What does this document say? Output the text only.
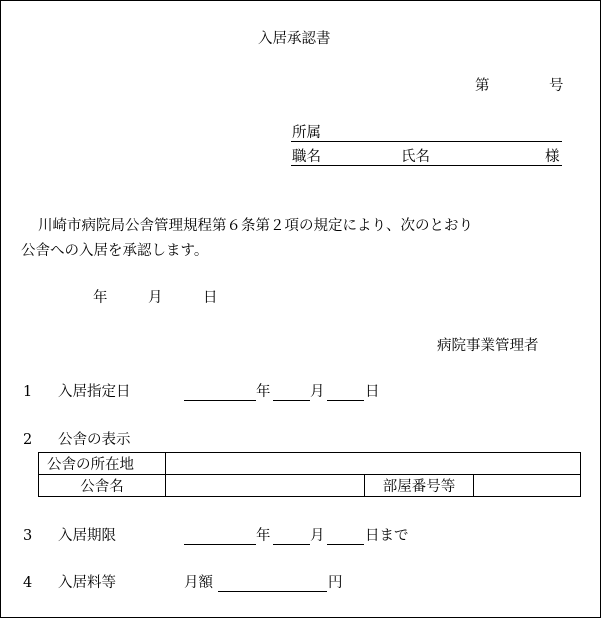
入居承認書
第	号
所属
職名	氏名	様
川崎市病院局公舎管理規程第６条第２項の規定により、次のとおり
公舎への入居を承認します。
年	月	日
病院事業管理者
1 入居指定日	年	月	日
2 公舎の表示
公舎の所在地			
公舎名		部屋番号等	
3 入居期限	年	月	日まで
4 入居料等	月額	円
